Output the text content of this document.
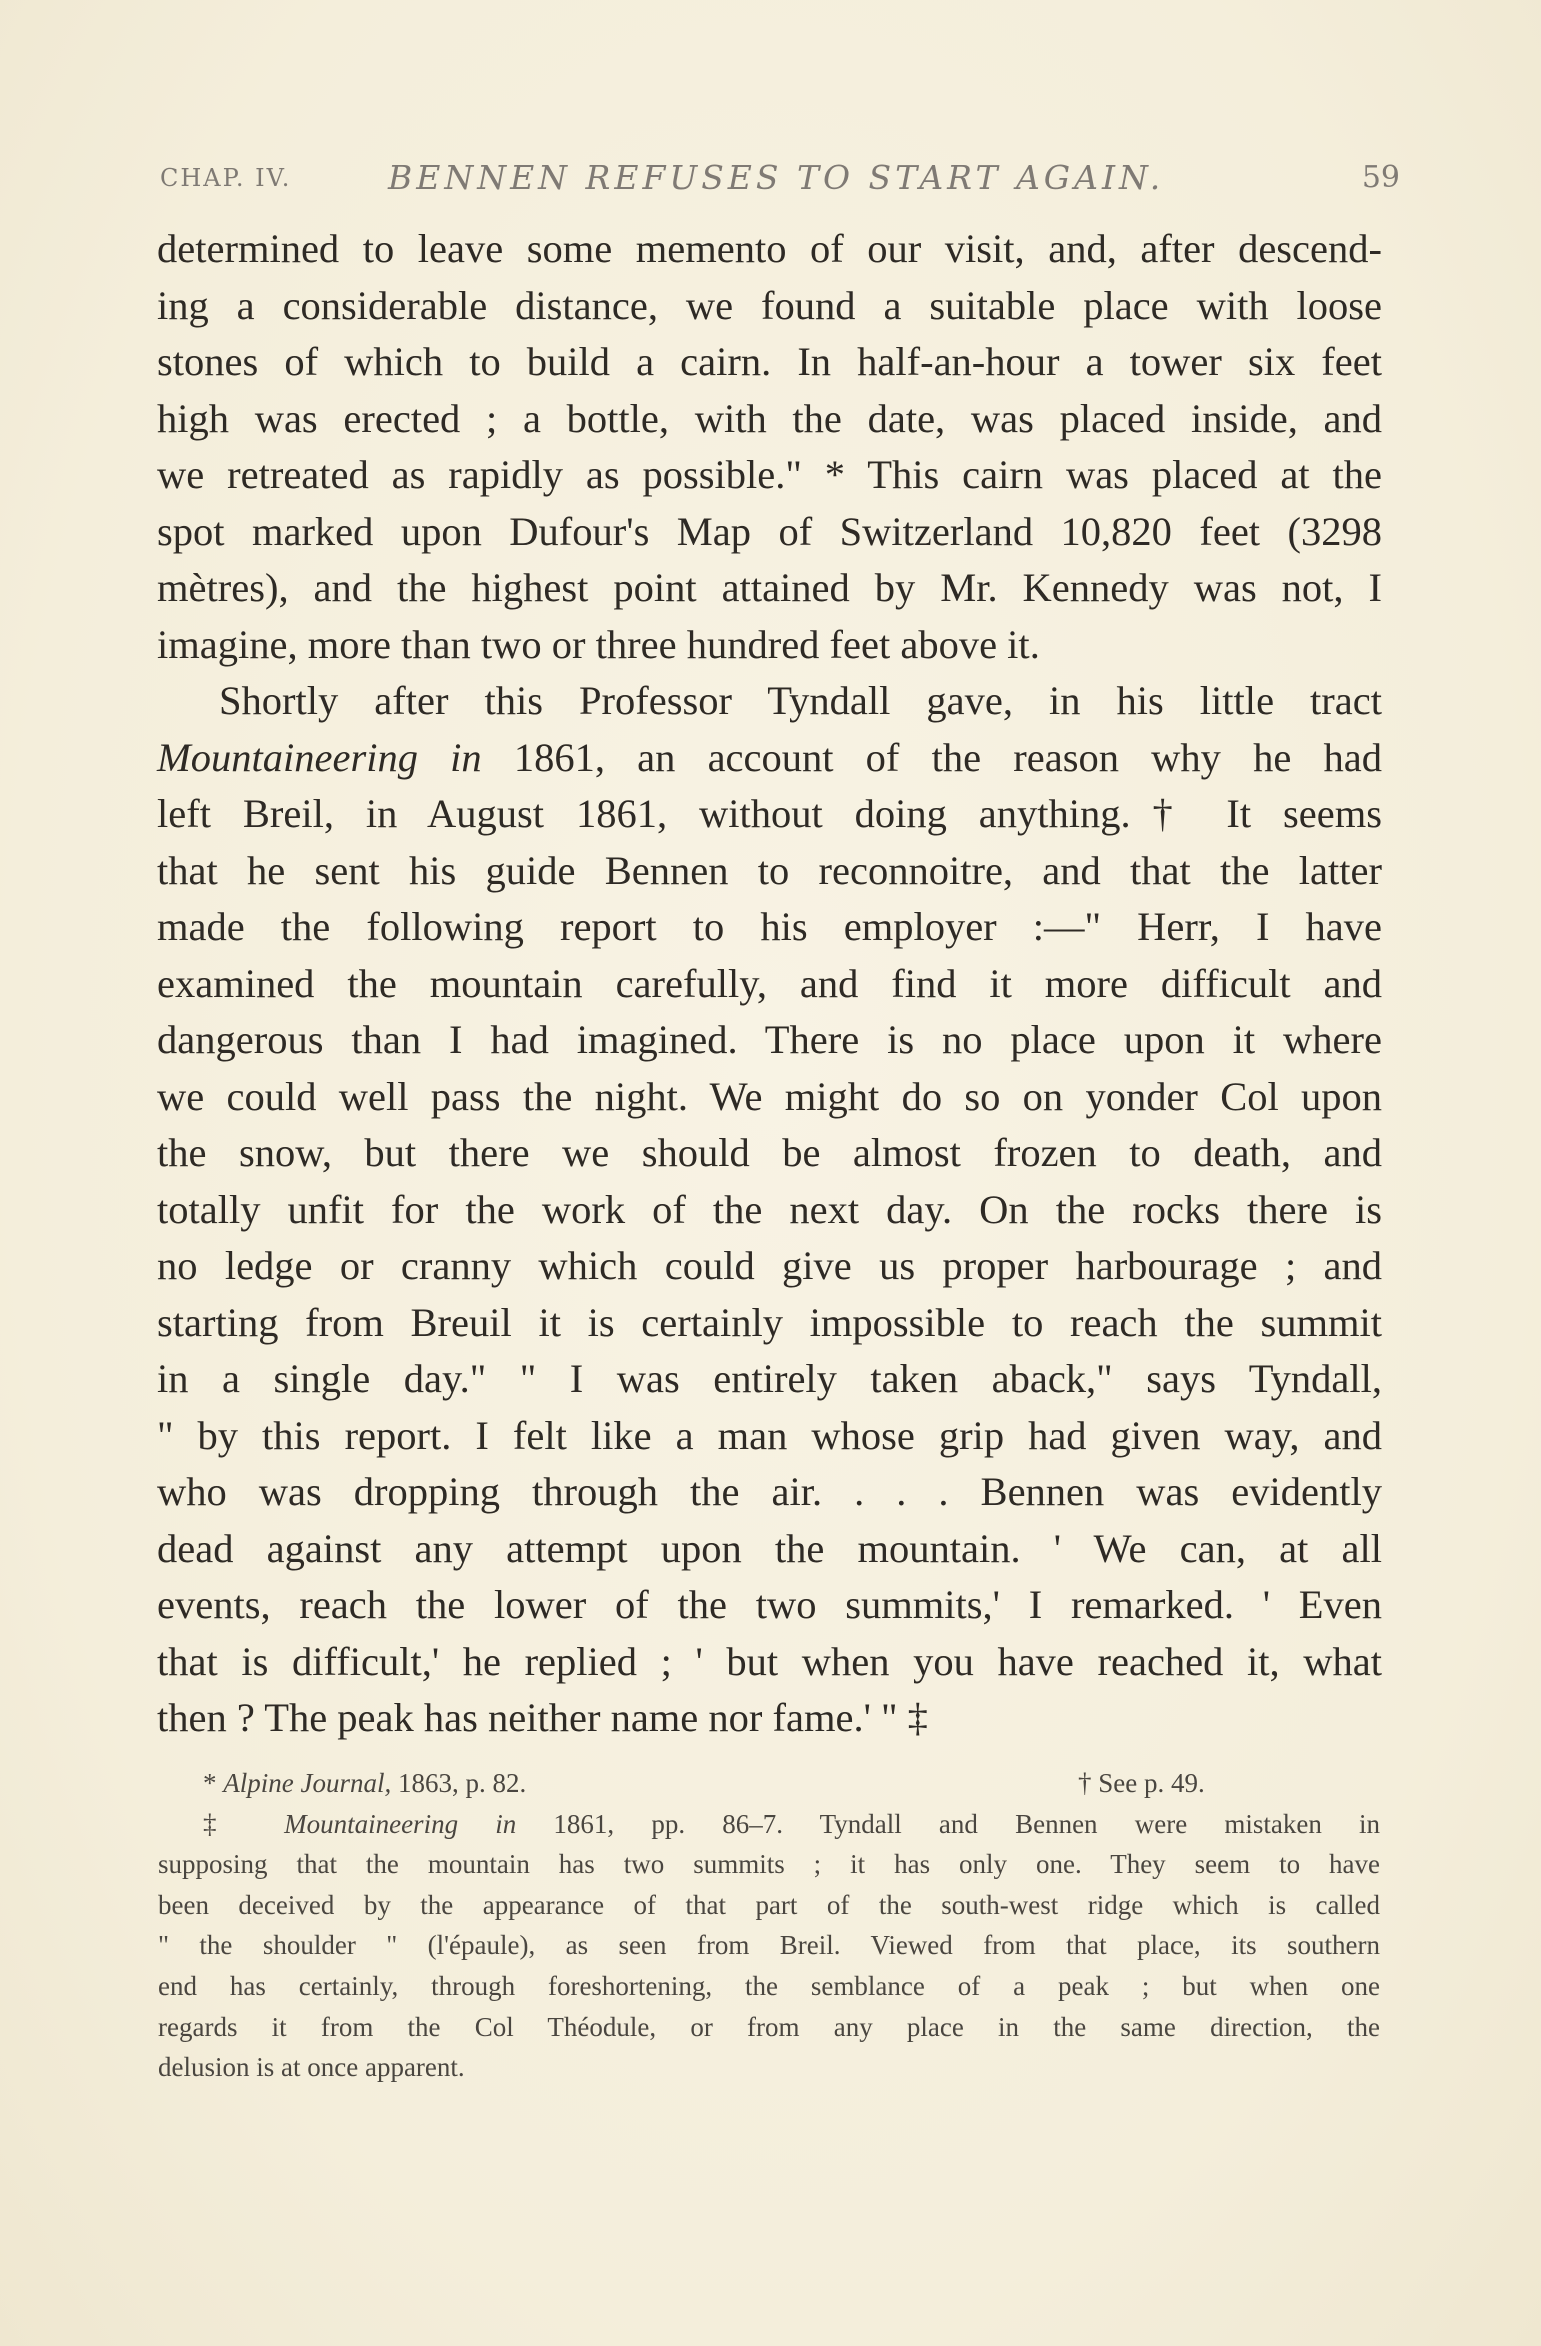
CHAP. IV.	BENNEN REFUSES TO START AGAIN.	59
determined to leave some memento of our visit, and, after descend-
ing a considerable distance, we found a suitable place with loose
stones of which to build a cairn. In half-an-hour a tower six feet
high was erected ; a bottle, with the date, was placed inside, and
we retreated as rapidly as possible." * This cairn was placed at the
spot marked upon Dufour's Map of Switzerland 10,820 feet (3298
mètres), and the highest point attained by Mr. Kennedy was not, I
imagine, more than two or three hundred feet above it.
Shortly after this Professor Tyndall gave, in his little tract
Mountaineering in 1861, an account of the reason why he had
left Breil, in August 1861, without doing anything.† It seems
that he sent his guide Bennen to reconnoitre, and that the latter
made the following report to his employer :—" Herr, I have
examined the mountain carefully, and find it more difficult and
dangerous than I had imagined. There is no place upon it where
we could well pass the night. We might do so on yonder Col upon
the snow, but there we should be almost frozen to death, and
totally unfit for the work of the next day. On the rocks there is
no ledge or cranny which could give us proper harbourage ; and
starting from Breuil it is certainly impossible to reach the summit
in a single day." " I was entirely taken aback," says Tyndall,
" by this report. I felt like a man whose grip had given way, and
who was dropping through the air. . . . Bennen was evidently
dead against any attempt upon the mountain. ' We can, at all
events, reach the lower of the two summits,' I remarked. ' Even
that is difficult,' he replied ; ' but when you have reached it, what
then ? The peak has neither name nor fame.' " ‡
* Alpine Journal, 1863, p. 82.	† See p. 49.
‡ Mountaineering in 1861, pp. 86–7. Tyndall and Bennen were mistaken in
supposing that the mountain has two summits ; it has only one. They seem to have
been deceived by the appearance of that part of the south-west ridge which is called
" the shoulder " (l'épaule), as seen from Breil. Viewed from that place, its southern
end has certainly, through foreshortening, the semblance of a peak ; but when one
regards it from the Col Théodule, or from any place in the same direction, the
delusion is at once apparent.
